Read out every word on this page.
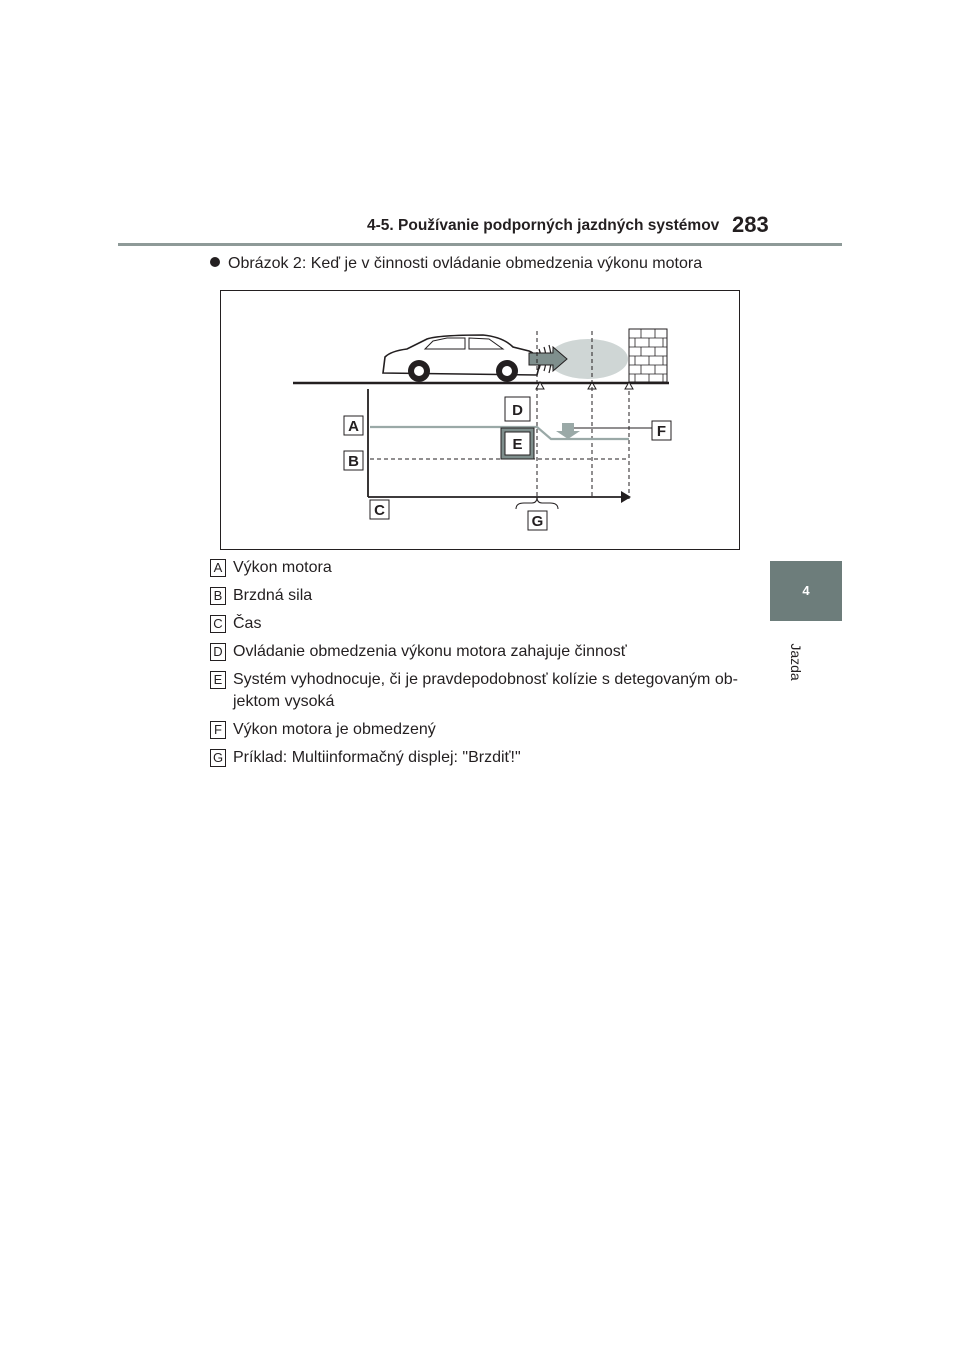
4-5. Používanie podporných jazdných systémov 283
4
Jazda
Obrázok 2: Keď je v činnosti ovládanie obmedzenia výkonu motora
A
B
C
D
E
F
G
A Výkon motora
B Brzdná sila
C Čas
D Ovládanie obmedzenia výkonu motora zahajuje činnosť
E Systém vyhodnocuje, či je pravdepodobnosť kolízie s detegovaným ob-jektom vysoká
F Výkon motora je obmedzený
G Príklad: Multiinformačný displej: "Brzdiť!"
